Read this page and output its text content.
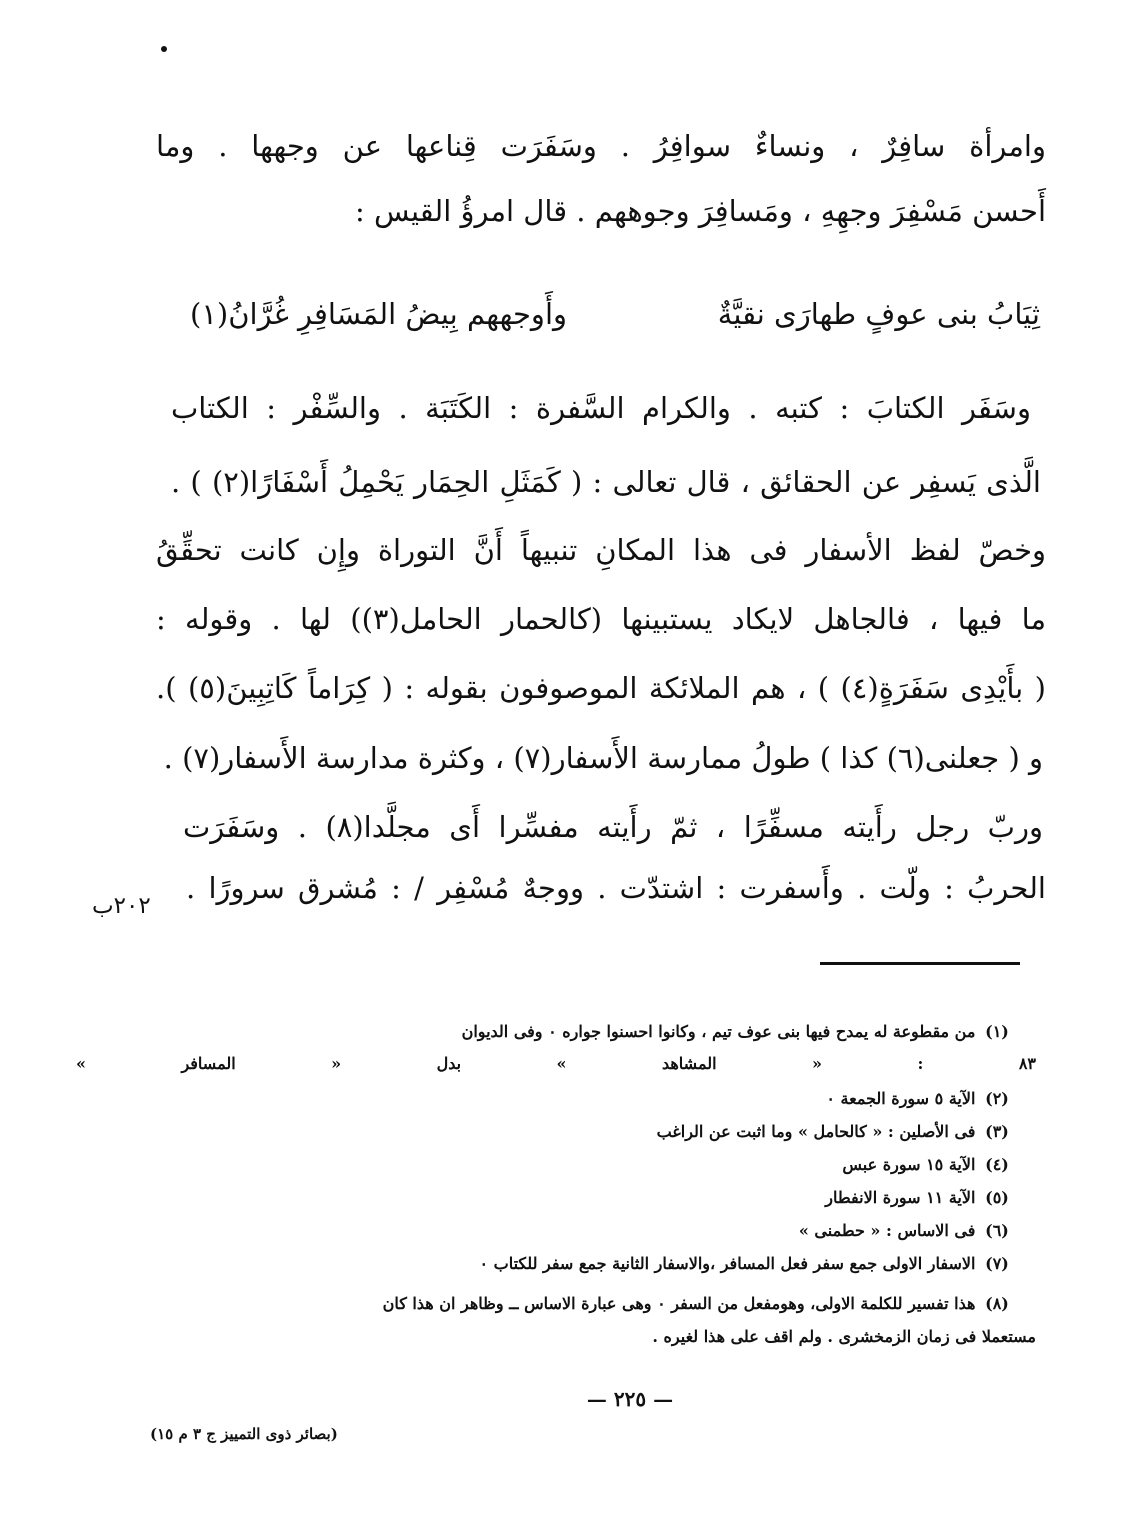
وامرأة سافِرٌ ، ونساءٌ سوافِرُ . وسَفَرَت قِناعها عن وجهها . وما
أَحسن مَسْفِرَ وجهِهِ ، ومَسافِرَ وجوههم . قال امرؤُ القيس :
ثِيَابُ بنى عوفٍ طهارَى نقيَّةٌ
وأَوجههم بِيضُ المَسَافِرِ غُرَّانُ(١)
وسَفَر الكتابَ : كتبه . والكرام السَّفرة : الكَتَبَة . والسِّفْر : الكتاب
الَّذى يَسفِر عن الحقائق ، قال تعالى : ( كَمَثَلِ الحِمَار يَحْمِلُ أَسْفَارًا(٢) ) .
وخصّ لفظ الأسفار فى هذا المكانِ تنبيهاً أَنَّ التوراة وإِن كانت تحقِّقُ
ما فيها ، فالجاهل لايكاد يستبينها (كالحمار الحامل(٣)) لها . وقوله :
( بأَيْدِى سَفَرَةٍ(٤) ) ، هم الملائكة الموصوفون بقوله : ( كِرَاماً كَاتِبِينَ(٥) ).
و ( جعلنى(٦) كذا ) طولُ ممارسة الأَسفار(٧) ، وكثرة مدارسة الأَسفار(٧) .
وربّ رجل رأَيته مسفِّرًا ، ثمّ رأَيته مفسِّرا أَى مجلَّدا(٨) . وسَفَرَت
الحربُ : ولّت . وأَسفرت : اشتدّت . ووجهٌ مُسْفِر / : مُشرق سرورًا .
٢٠٢ب
(١) من مقطوعة له يمدح فيها بنى عوف تيم ، وكانوا احسنوا جواره ٠ وفى الديوان
٨٣ : « المشاهد » بدل « المسافر »
(٢) الآية ٥ سورة الجمعة ٠
(٣) فى الأصلين : « كالحامل » وما اثبت عن الراغب
(٤) الآية ١٥ سورة عبس
(٥) الآية ١١ سورة الانفطار
(٦) فى الاساس : « حطمنى »
(٧) الاسفار الاولى جمع سفر فعل المسافر ،والاسفار الثانية جمع سفر للكتاب ٠
(٨) هذا تفسير للكلمة الاولى، وهومفعل من السفر ٠ وهى عبارة الاساس ــ وظاهر ان هذا كان
مستعملا فى زمان الزمخشرى . ولم اقف على هذا لغيره .
— ٢٢٥ —
(بصائر ذوى التمييز ج ٣ م ١٥)
